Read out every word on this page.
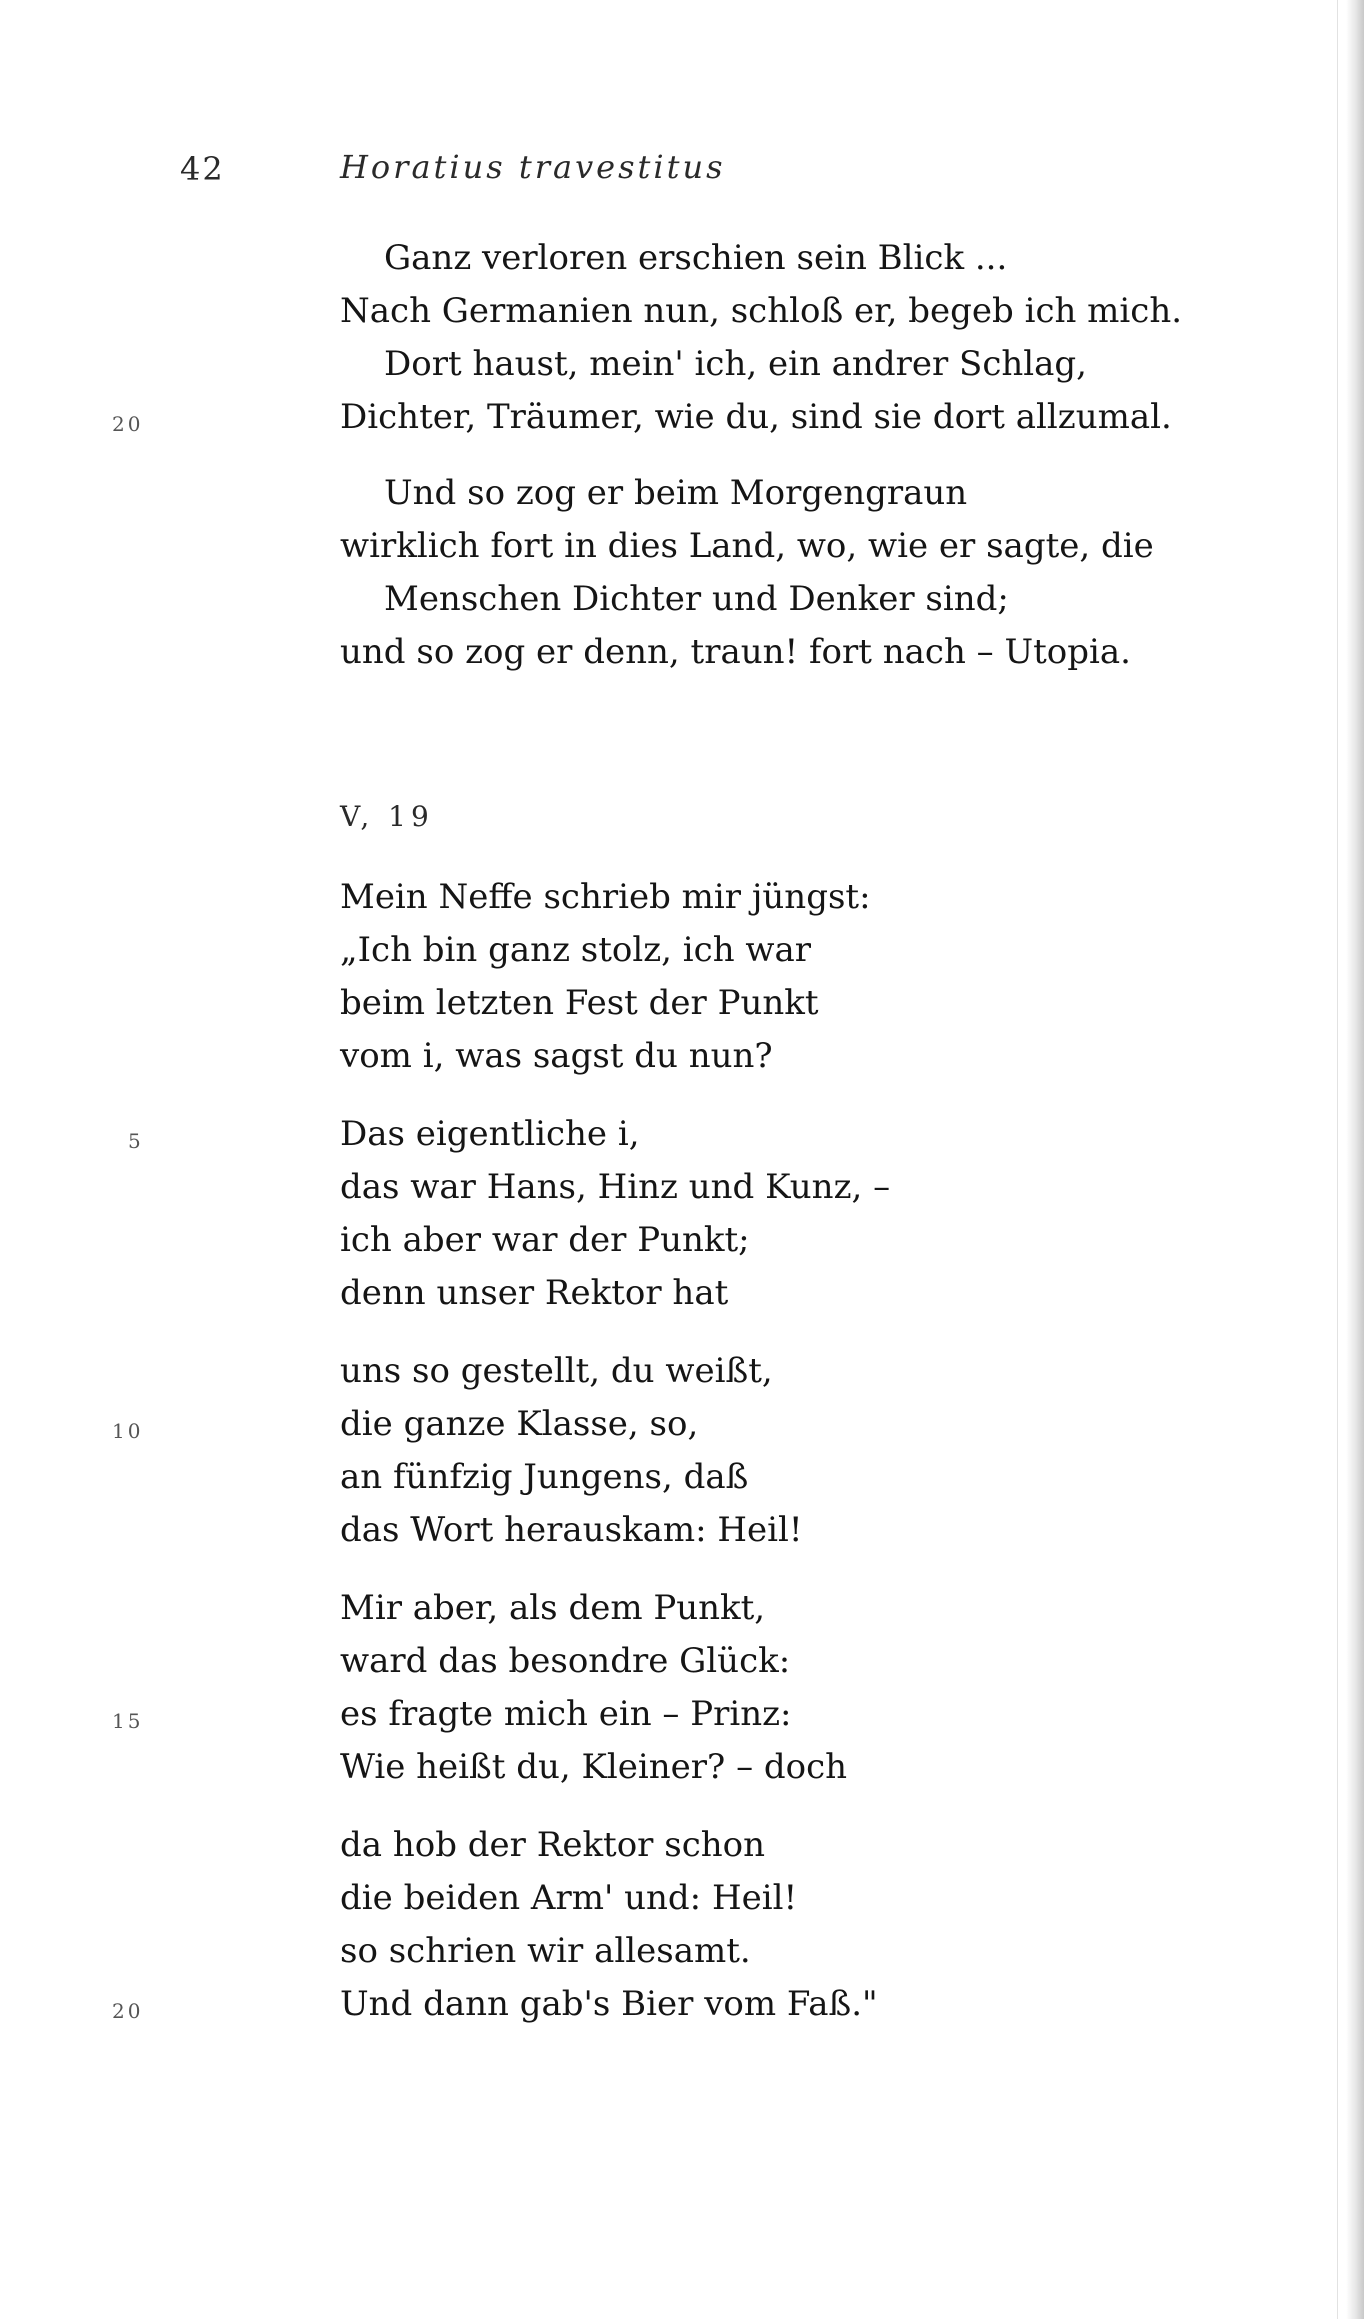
42	Horatius travestitus
Ganz verloren erschien sein Blick ...
Nach Germanien nun, schloß er, begeb ich mich.
Dort haust, mein' ich, ein andrer Schlag,
Dichter, Träumer, wie du, sind sie dort allzumal.
20
Und so zog er beim Morgengraun
wirklich fort in dies Land, wo, wie er sagte, die
Menschen Dichter und Denker sind;
und so zog er denn, traun! fort nach – Utopia.
V, 19
Mein Neffe schrieb mir jüngst:
„Ich bin ganz stolz, ich war
beim letzten Fest der Punkt
vom i, was sagst du nun?
Das eigentliche i,
5
das war Hans, Hinz und Kunz, –
ich aber war der Punkt;
denn unser Rektor hat
uns so gestellt, du weißt,
die ganze Klasse, so,
10
an fünfzig Jungens, daß
das Wort herauskam: Heil!
Mir aber, als dem Punkt,
ward das besondre Glück:
es fragte mich ein – Prinz:
15
Wie heißt du, Kleiner? – doch
da hob der Rektor schon
die beiden Arm' und: Heil!
so schrien wir allesamt.
Und dann gab's Bier vom Faß."
20
